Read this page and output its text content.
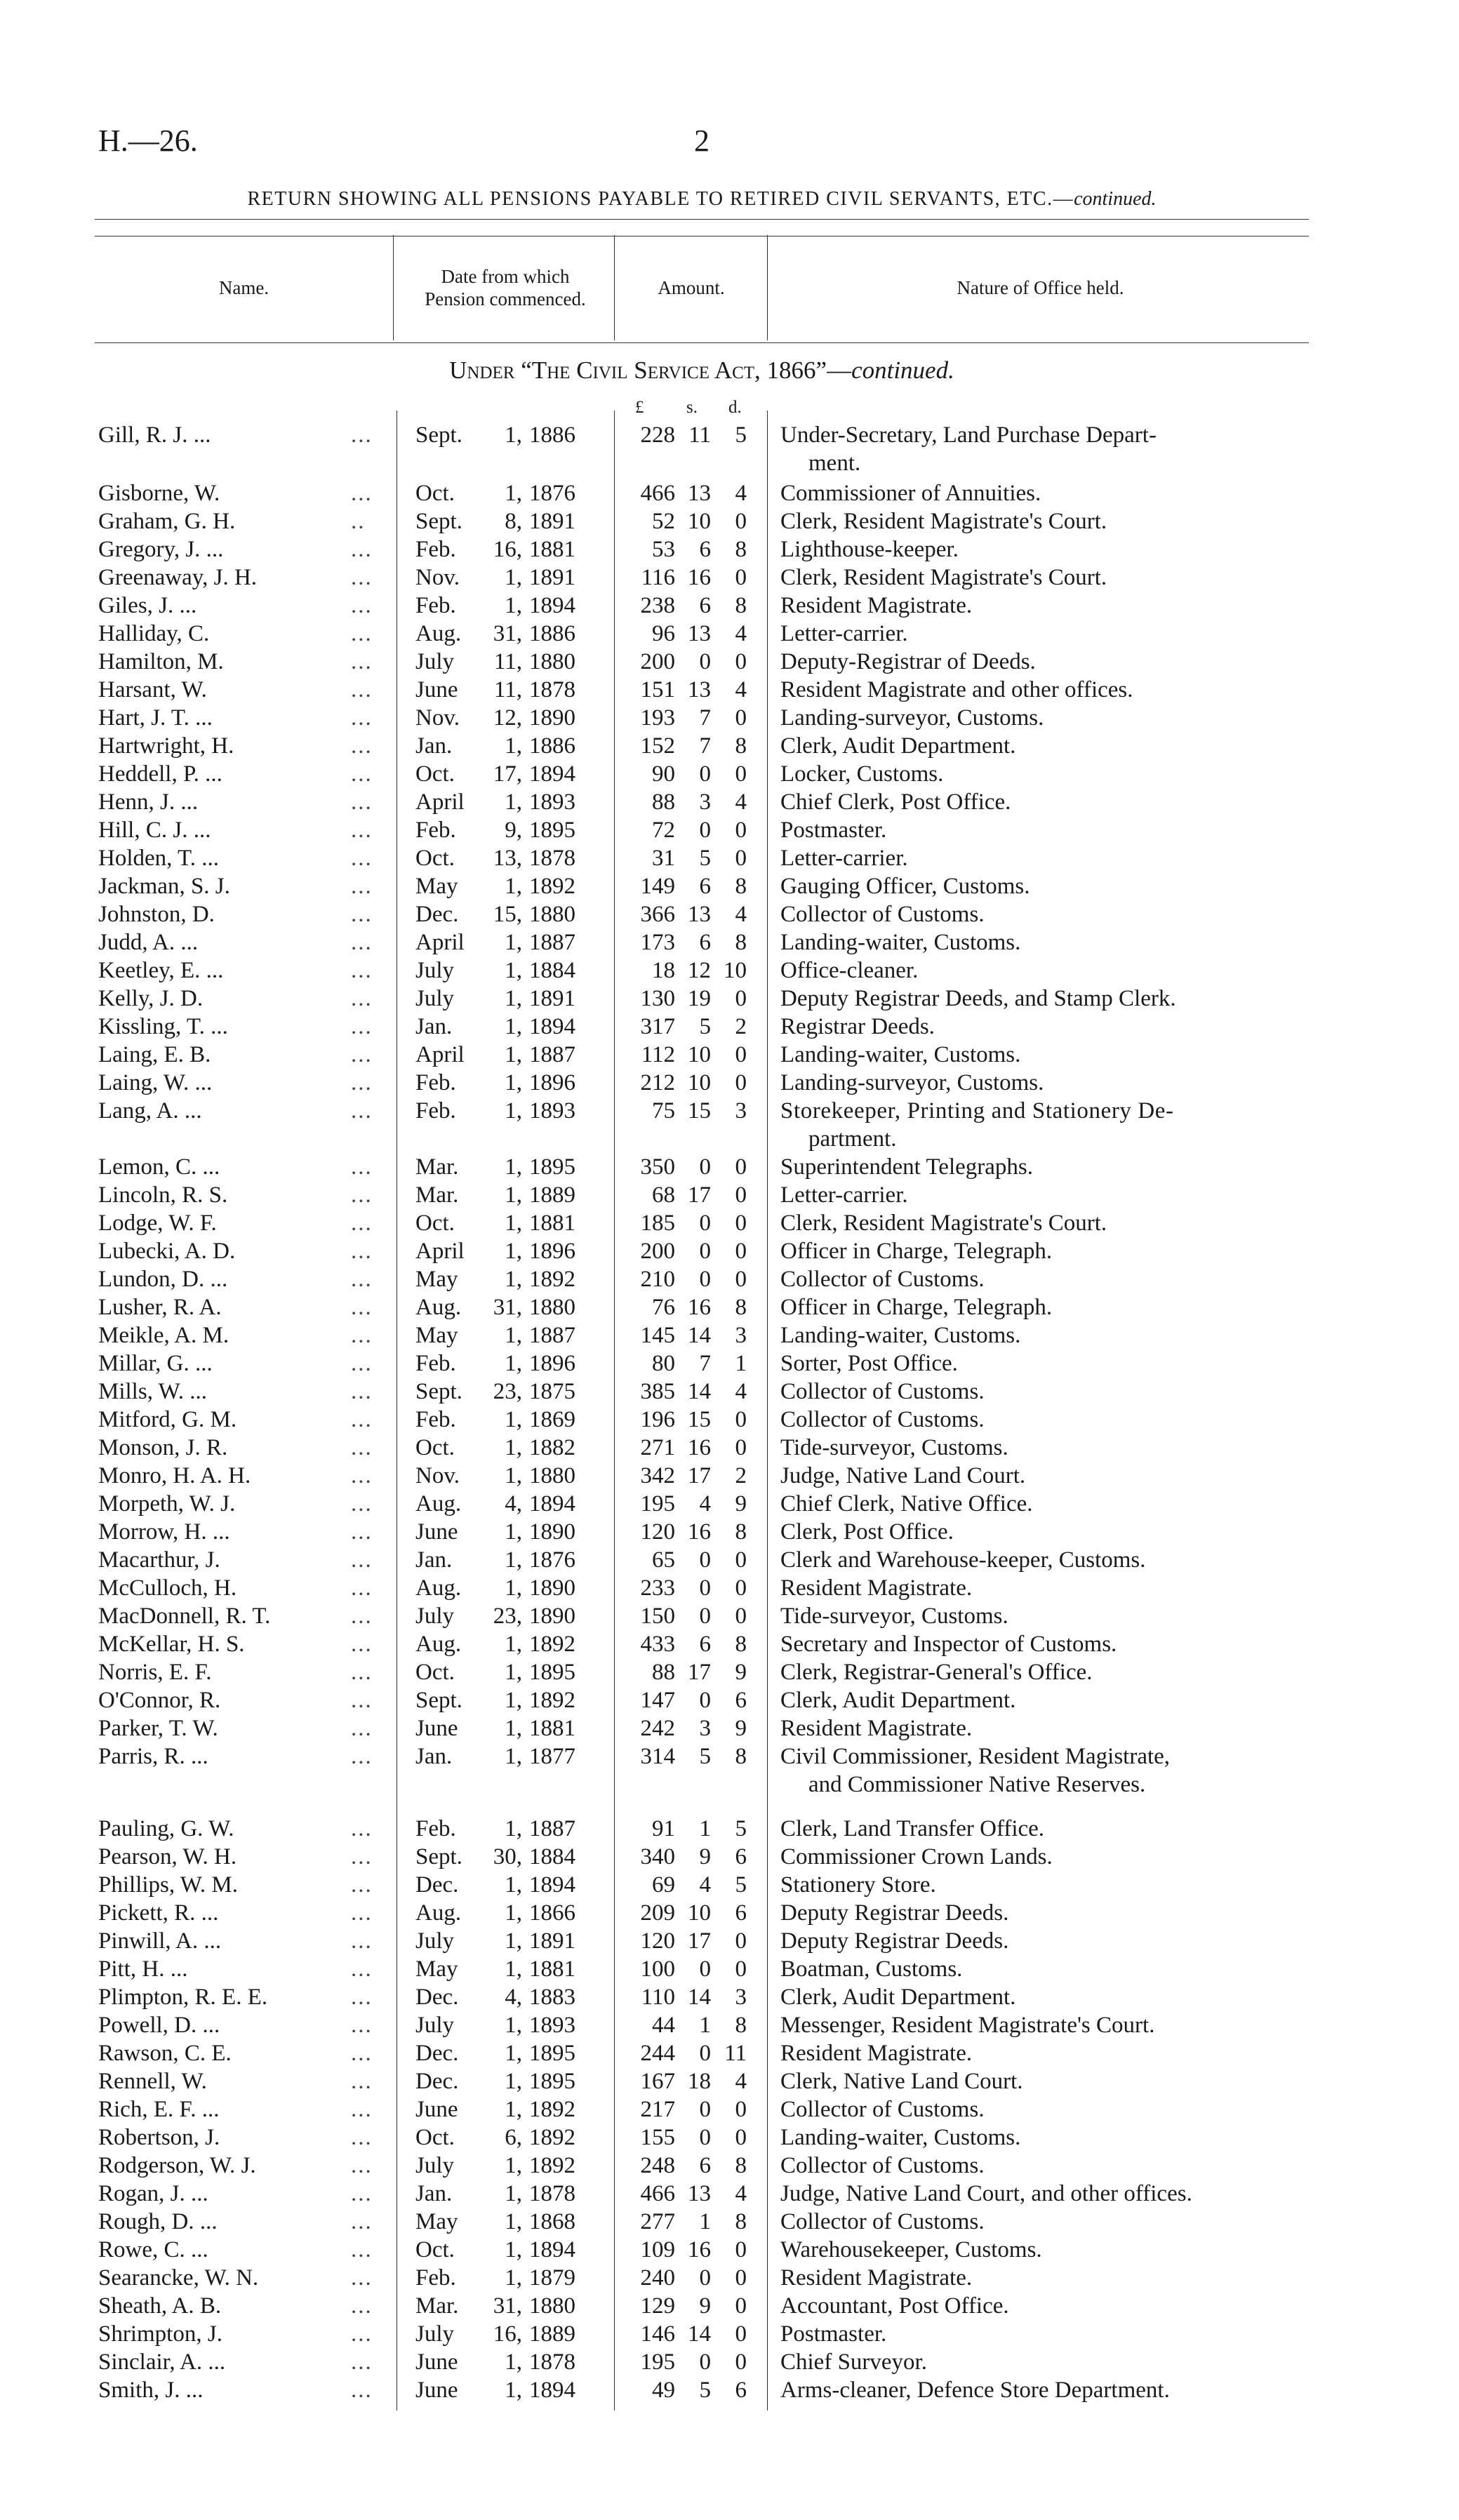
H.—26.	2
RETURN SHOWING ALL PENSIONS PAYABLE TO RETIRED CIVIL SERVANTS, ETC.—continued.
Name.
Date from which Pension commenced.
Amount.	Nature of Office held.
Under “The Civil Service Act, 1866”—continued.
£ s. d.
Gill, R. J. ...	... Sept.	1, 1886	228 11	5 Under-Secretary, Land Purchase Depart-
ment.
Gisborne, W.	... Oct.	1, 1876	466 13	4 Commissioner of Annuities.
Graham, G. H.	.. Sept.	8, 1891	52 10	0 Clerk, Resident Magistrate's Court.
Gregory, J. ...	... Feb. 16, 1881	53	6	8 Lighthouse-keeper.
Greenaway, J. H.	... Nov.	1, 1891	116 16	0 Clerk, Resident Magistrate's Court.
Giles, J. ...	... Feb.	1, 1894	238	6	8 Resident Magistrate.
Halliday, C.	... Aug. 31, 1886	96 13	4 Letter-carrier.
Hamilton, M.	... July 11, 1880	200	0	0 Deputy-Registrar of Deeds.
Harsant, W.	... June 11, 1878	151 13	4 Resident Magistrate and other offices.
Hart, J. T. ...	... Nov. 12, 1890	193	7	0 Landing-surveyor, Customs.
Hartwright, H.	... Jan.	1, 1886	152	7	8 Clerk, Audit Department.
Heddell, P. ...	... Oct. 17, 1894	90	0	0 Locker, Customs.
Henn, J. ...	... April	1, 1893	88	3	4 Chief Clerk, Post Office.
Hill, C. J. ...	... Feb.	9, 1895	72	0	0 Postmaster.
Holden, T. ...	... Oct. 13, 1878	31	5	0 Letter-carrier.
Jackman, S. J.	... May	1, 1892	149	6	8 Gauging Officer, Customs.
Johnston, D.	... Dec. 15, 1880	366 13	4 Collector of Customs.
Judd, A. ...	... April	1, 1887	173	6	8 Landing-waiter, Customs.
Keetley, E. ...	... July	1, 1884	18 12 10 Office-cleaner.
Kelly, J. D.	... July	1, 1891	130 19	0 Deputy Registrar Deeds, and Stamp Clerk.
Kissling, T. ...	... Jan.	1, 1894	317	5	2 Registrar Deeds.
Laing, E. B.	... April	1, 1887	112 10	0 Landing-waiter, Customs.
Laing, W. ...	... Feb.	1, 1896	212 10	0 Landing-surveyor, Customs.
Lang, A. ...	... Feb.	1, 1893	75 15	3 Storekeeper, Printing and Stationery De-
partment.
Lemon, C. ...	... Mar.	1, 1895	350	0	0 Superintendent Telegraphs.
Lincoln, R. S.	... Mar.	1, 1889	68 17	0 Letter-carrier.
Lodge, W. F.	... Oct.	1, 1881	185	0	0 Clerk, Resident Magistrate's Court.
Lubecki, A. D.	... April	1, 1896	200	0	0 Officer in Charge, Telegraph.
Lundon, D. ...	... May	1, 1892	210	0	0 Collector of Customs.
Lusher, R. A.	... Aug. 31, 1880	76 16	8 Officer in Charge, Telegraph.
Meikle, A. M.	... May	1, 1887	145 14	3 Landing-waiter, Customs.
Millar, G. ...	... Feb.	1, 1896	80	7	1 Sorter, Post Office.
Mills, W. ...	... Sept. 23, 1875	385 14	4 Collector of Customs.
Mitford, G. M.	... Feb.	1, 1869	196 15	0 Collector of Customs.
Monson, J. R.	... Oct.	1, 1882	271 16	0 Tide-surveyor, Customs.
Monro, H. A. H.	... Nov.	1, 1880	342 17	2 Judge, Native Land Court.
Morpeth, W. J.	... Aug.	4, 1894	195	4	9 Chief Clerk, Native Office.
Morrow, H. ...	... June	1, 1890	120 16	8 Clerk, Post Office.
Macarthur, J.	... Jan.	1, 1876	65	0	0 Clerk and Warehouse-keeper, Customs.
McCulloch, H.	... Aug.	1, 1890	233	0	0 Resident Magistrate.
MacDonnell, R. T.	... July 23, 1890	150	0	0 Tide-surveyor, Customs.
McKellar, H. S.	... Aug.	1, 1892	433	6	8 Secretary and Inspector of Customs.
Norris, E. F.	... Oct.	1, 1895	88 17	9 Clerk, Registrar-General's Office.
O'Connor, R.	... Sept.	1, 1892	147	0	6 Clerk, Audit Department.
Parker, T. W.	... June	1, 1881	242	3	9 Resident Magistrate.
Parris, R. ...	... Jan.	1, 1877	314	5	8 Civil Commissioner, Resident Magistrate,
and Commissioner Native Reserves.
Pauling, G. W.	... Feb.	1, 1887	91	1	5 Clerk, Land Transfer Office.
Pearson, W. H.	... Sept. 30, 1884	340	9	6 Commissioner Crown Lands.
Phillips, W. M.	... Dec.	1, 1894	69	4	5 Stationery Store.
Pickett, R. ...	... Aug.	1, 1866	209 10	6 Deputy Registrar Deeds.
Pinwill, A. ...	... July	1, 1891	120 17	0 Deputy Registrar Deeds.
Pitt, H. ...	... May	1, 1881	100	0	0 Boatman, Customs.
Plimpton, R. E. E.	... Dec.	4, 1883	110 14	3 Clerk, Audit Department.
Powell, D. ...	... July	1, 1893	44	1	8 Messenger, Resident Magistrate's Court.
Rawson, C. E.	... Dec.	1, 1895	244	0 11 Resident Magistrate.
Rennell, W.	... Dec.	1, 1895	167 18	4 Clerk, Native Land Court.
Rich, E. F. ...	... June	1, 1892	217	0	0 Collector of Customs.
Robertson, J.	... Oct.	6, 1892	155	0	0 Landing-waiter, Customs.
Rodgerson, W. J.	... July	1, 1892	248	6	8 Collector of Customs.
Rogan, J. ...	... Jan.	1, 1878	466 13	4 Judge, Native Land Court, and other offices.
Rough, D. ...	... May	1, 1868	277	1	8 Collector of Customs.
Rowe, C. ...	... Oct.	1, 1894	109 16	0 Warehousekeeper, Customs.
Searancke, W. N.	... Feb.	1, 1879	240	0	0 Resident Magistrate.
Sheath, A. B.	... Mar. 31, 1880	129	9	0 Accountant, Post Office.
Shrimpton, J.	... July 16, 1889	146 14	0 Postmaster.
Sinclair, A. ...	... June	1, 1878	195	0	0 Chief Surveyor.
Smith, J. ...	... June	1, 1894	49	5	6 Arms-cleaner, Defence Store Department.
